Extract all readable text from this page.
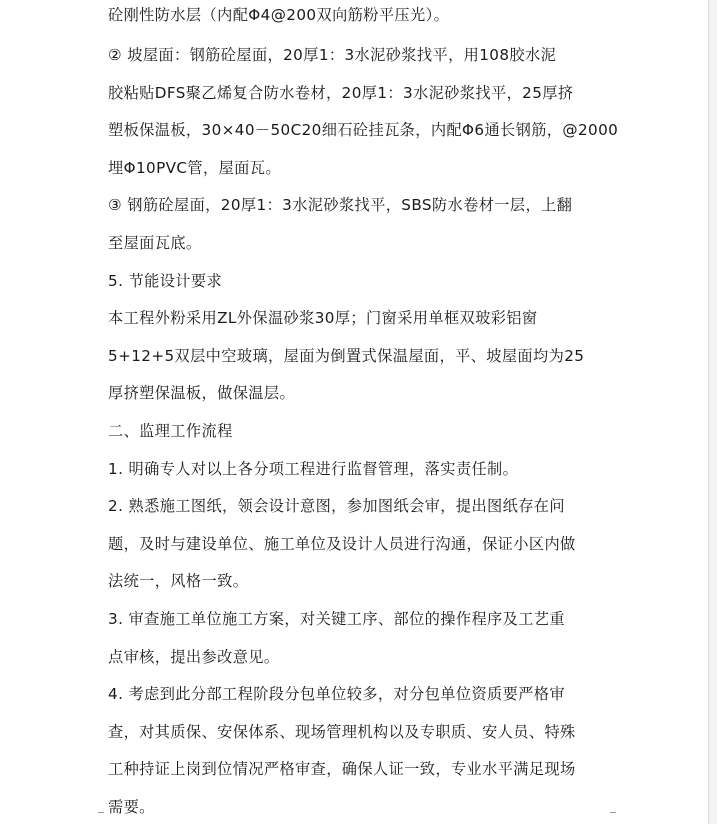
砼刚性防水层（内配Φ4@200双向筋粉平压光）。
② 坡屋面：钢筋砼屋面，20厚1：3水泥砂浆找平，用108胶水泥
胶粘贴DFS聚乙烯复合防水卷材，20厚1：3水泥砂浆找平，25厚挤
塑板保温板，30×40－50C20细石砼挂瓦条，内配Φ6通长钢筋，@2000
埋Φ10PVC管，屋面瓦。
③ 钢筋砼屋面，20厚1：3水泥砂浆找平，SBS防水卷材一层，上翻
至屋面瓦底。
5. 节能设计要求
本工程外粉采用ZL外保温砂浆30厚；门窗采用单框双玻彩铝窗
5+12+5双层中空玻璃，屋面为倒置式保温屋面，平、坡屋面均为25
厚挤塑保温板，做保温层。
二、监理工作流程
1. 明确专人对以上各分项工程进行监督管理，落实责任制。
2. 熟悉施工图纸，领会设计意图，参加图纸会审，提出图纸存在问
题，及时与建设单位、施工单位及设计人员进行沟通，保证小区内做
法统一，风格一致。
3. 审查施工单位施工方案，对关键工序、部位的操作程序及工艺重
点审核，提出参改意见。
4. 考虑到此分部工程阶段分包单位较多，对分包单位资质要严格审
查，对其质保、安保体系、现场管理机构以及专职质、安人员、特殊
工种持证上岗到位情况严格审查，确保人证一致，专业水平满足现场
需要。
